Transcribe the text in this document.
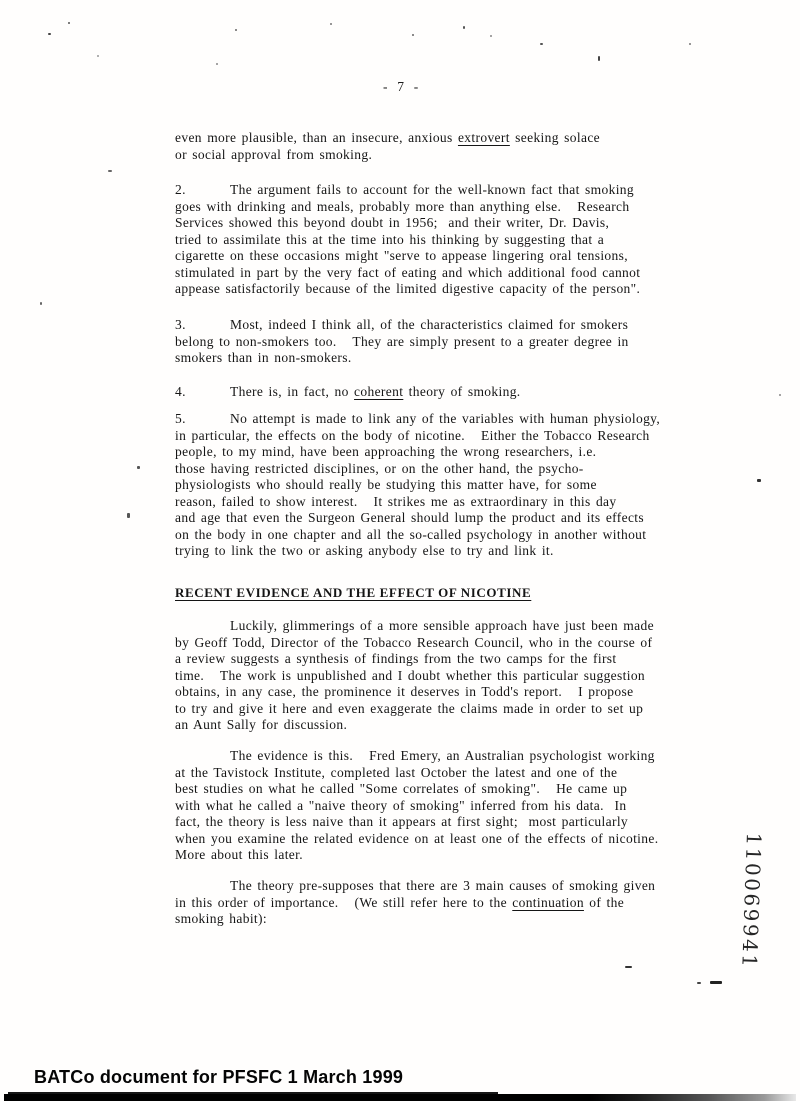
-  7  -
even more plausible, than an insecure, anxious extrovert seeking solace
or social approval from smoking.
2.	The argument fails to account for the well-known fact that smoking
goes with drinking and meals, probably more than anything else.   Research
Services showed this beyond doubt in 1956;  and their writer, Dr. Davis,
tried to assimilate this at the time into his thinking by suggesting that a
cigarette on these occasions might "serve to appease lingering oral tensions,
stimulated in part by the very fact of eating and which additional food cannot
appease satisfactorily because of the limited digestive capacity of the person".
3.	Most, indeed I think all, of the characteristics claimed for smokers
belong to non-smokers too.   They are simply present to a greater degree in
smokers than in non-smokers.
4.	There is, in fact, no coherent theory of smoking.
5.	No attempt is made to link any of the variables with human physiology,
in particular, the effects on the body of nicotine.   Either the Tobacco Research
people, to my mind, have been approaching the wrong researchers, i.e.
those having restricted disciplines, or on the other hand, the psycho-
physiologists who should really be studying this matter have, for some
reason, failed to show interest.   It strikes me as extraordinary in this day
and age that even the Surgeon General should lump the product and its effects
on the body in one chapter and all the so-called psychology in another without
trying to link the two or asking anybody else to try and link it.
Luckily, glimmerings of a more sensible approach have just been made
by Geoff Todd, Director of the Tobacco Research Council, who in the course of
a review suggests a synthesis of findings from the two camps for the first
time.   The work is unpublished and I doubt whether this particular suggestion
obtains, in any case, the prominence it deserves in Todd's report.   I propose
to try and give it here and even exaggerate the claims made in order to set up
an Aunt Sally for discussion.
The evidence is this.   Fred Emery, an Australian psychologist working
at the Tavistock Institute, completed last October the latest and one of the
best studies on what he called "Some correlates of smoking".   He came up
with what he called a "naive theory of smoking" inferred from his data.  In
fact, the theory is less naive than it appears at first sight;  most particularly
when you examine the related evidence on at least one of the effects of nicotine.
More about this later.
The theory pre-supposes that there are 3 main causes of smoking given
in this order of importance.   (We still refer here to the continuation of the
smoking habit):
RECENT EVIDENCE AND THE EFFECT OF NICOTINE
110069941
BATCo document for PFSFC 1 March 1999
